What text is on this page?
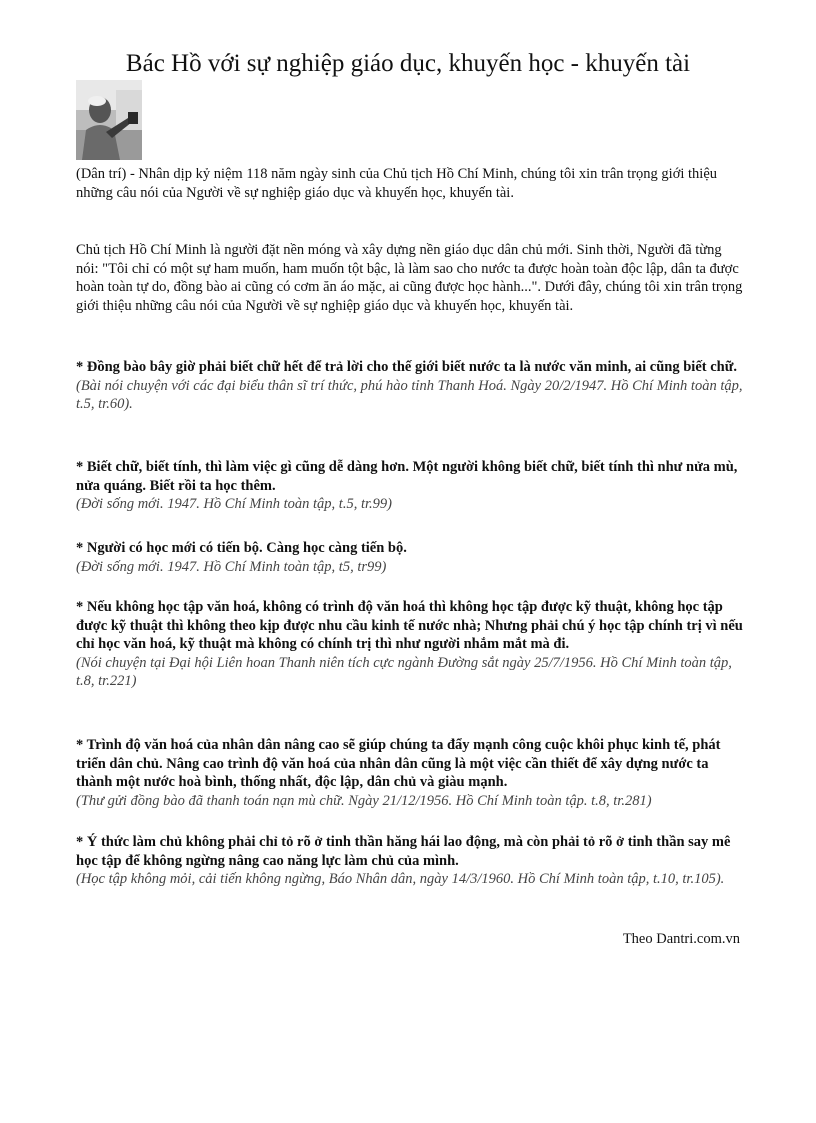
Bác Hồ với sự nghiệp giáo dục, khuyến học - khuyến tài
(Dân trí) - Nhân dịp kỷ niệm 118 năm ngày sinh của Chủ tịch Hồ Chí Minh, chúng tôi xin trân trọng giới thiệu những câu nói của Người về sự nghiệp giáo dục và khuyến học, khuyến tài.
Chủ tịch Hồ Chí Minh là người đặt nền móng và xây dựng nền giáo dục dân chủ mới. Sinh thời, Người đã từng nói: "Tôi chỉ có một sự ham muốn, ham muốn tột bậc, là làm sao cho nước ta được hoàn toàn độc lập, dân ta được hoàn toàn tự do, đồng bào ai cũng có cơm ăn áo mặc, ai cũng được học hành...". Dưới đây, chúng tôi xin trân trọng giới thiệu những câu nói của Người về sự nghiệp giáo dục và khuyến học, khuyến tài.
* Đồng bào bây giờ phải biết chữ hết để trả lời cho thế giới biết nước ta là nước văn minh, ai cũng biết chữ.
(Bài nói chuyện với các đại biểu thân sĩ trí thức, phú hào tỉnh Thanh Hoá. Ngày 20/2/1947. Hồ Chí Minh toàn tập, t.5, tr.60).
* Biết chữ, biết tính, thì làm việc gì cũng dễ dàng hơn. Một người không biết chữ, biết tính thì như nửa mù, nửa quáng. Biết rồi ta học thêm.
(Đời sống mới. 1947. Hồ Chí Minh toàn tập, t.5, tr.99)
* Người có học mới có tiến bộ. Càng học càng tiến bộ.
(Đời sống mới. 1947. Hồ Chí Minh toàn tập, t5, tr99)
* Nếu không học tập văn hoá, không có trình độ văn hoá thì không học tập được kỹ thuật, không học tập được kỹ thuật thì không theo kịp được nhu cầu kinh tế nước nhà; Nhưng phải chú ý học tập chính trị vì nếu chỉ học văn hoá, kỹ thuật mà không có chính trị thì như người nhắm mắt mà đi.
(Nói chuyện tại Đại hội Liên hoan Thanh niên tích cực ngành Đường sắt ngày 25/7/1956. Hồ Chí Minh toàn tập, t.8, tr.221)
* Trình độ văn hoá của nhân dân nâng cao sẽ giúp chúng ta đẩy mạnh công cuộc khôi phục kinh tế, phát triển dân chủ. Nâng cao trình độ văn hoá của nhân dân cũng là một việc cần thiết để xây dựng nước ta thành một nước hoà bình, thống nhất, độc lập, dân chủ và giàu mạnh.
(Thư gửi đồng bào đã thanh toán nạn mù chữ. Ngày 21/12/1956. Hồ Chí Minh toàn tập. t.8, tr.281)
* Ý thức làm chủ không phải chỉ tỏ rõ ở tinh thần hăng hái lao động, mà còn phải tỏ rõ ở tinh thần say mê học tập để không ngừng nâng cao năng lực làm chủ của mình.
(Học tập không mỏi, cải tiến không ngừng, Báo Nhân dân, ngày 14/3/1960. Hồ Chí Minh toàn tập, t.10, tr.105).
Theo Dantri.com.vn
